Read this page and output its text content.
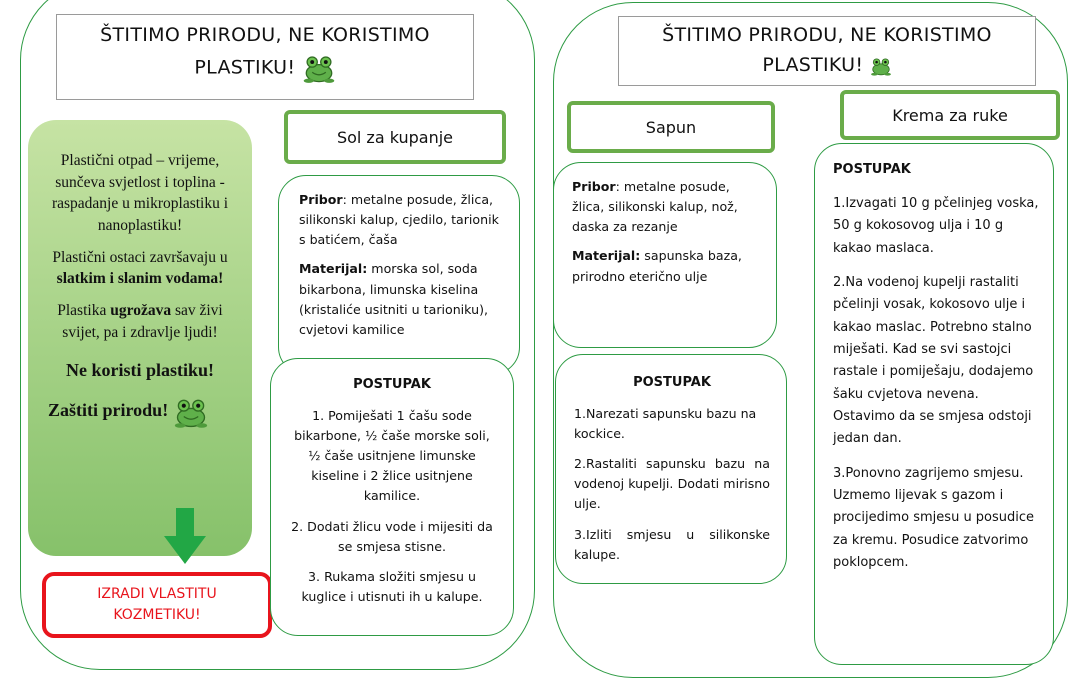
ŠTITIMO PRIRODU, NE KORISTIMO
PLASTIKU!

Plastični otpad – vrijeme, sunčeva svjetlost i toplina - raspadanje u mikroplastiku i nanoplastiku!

Plastični ostaci završavaju u slatkim i slanim vodama!

Plastika ugrožava sav živi svijet, pa i zdravlje ljudi!

Ne koristi plastiku!

Zaštiti prirodu!

IZRADI VLASTITU KOZMETIKU!
Sol za kupanje

Pribor: metalne posude, žlica, silikonski kalup, cjedilo, tarionik s batićem, čaša

Materijal: morska sol, soda bikarbona, limunska kiselina (kristaliće usitniti u tarioniku), cvjetovi kamilice

POSTUPAK

1. Pomiješati 1 čašu sode bikarbone, ½ čaše morske soli, ½ čaše usitnjene limunske kiseline i 2 žlice usitnjene kamilice.

2. Dodati žlicu vode i mijesiti da se smjesa stisne.

3. Rukama složiti smjesu u kuglice i utisnuti ih u kalupe.

ŠTITIMO PRIRODU, NE KORISTIMO
PLASTIKU!
Sapun
Krema za ruke

Pribor: metalne posude, žlica, silikonski kalup, nož, daska za rezanje

Materijal: sapunska baza, prirodno eterično ulje

POSTUPAK

1.Narezati sapunsku bazu na kockice.

2.Rastaliti sapunsku bazu na vodenoj kupelji. Dodati mirisno ulje.

3.Izliti smjesu u silikonske kalupe.

POSTUPAK

1.Izvagati 10 g pčelinjeg voska, 50 g kokosovog ulja i 10 g kakao maslaca.

2.Na vodenoj kupelji rastaliti pčelinji vosak, kokosovo ulje i kakao maslac. Potrebno stalno miješati. Kad se svi sastojci rastale i pomiješaju, dodajemo šaku cvjetova nevena. Ostavimo da se smjesa odstoji jedan dan.

3.Ponovno zagrijemo smjesu. Uzmemo lijevak s gazom i procijedimo smjesu u posudice za kremu. Posudice zatvorimo poklopcem.
